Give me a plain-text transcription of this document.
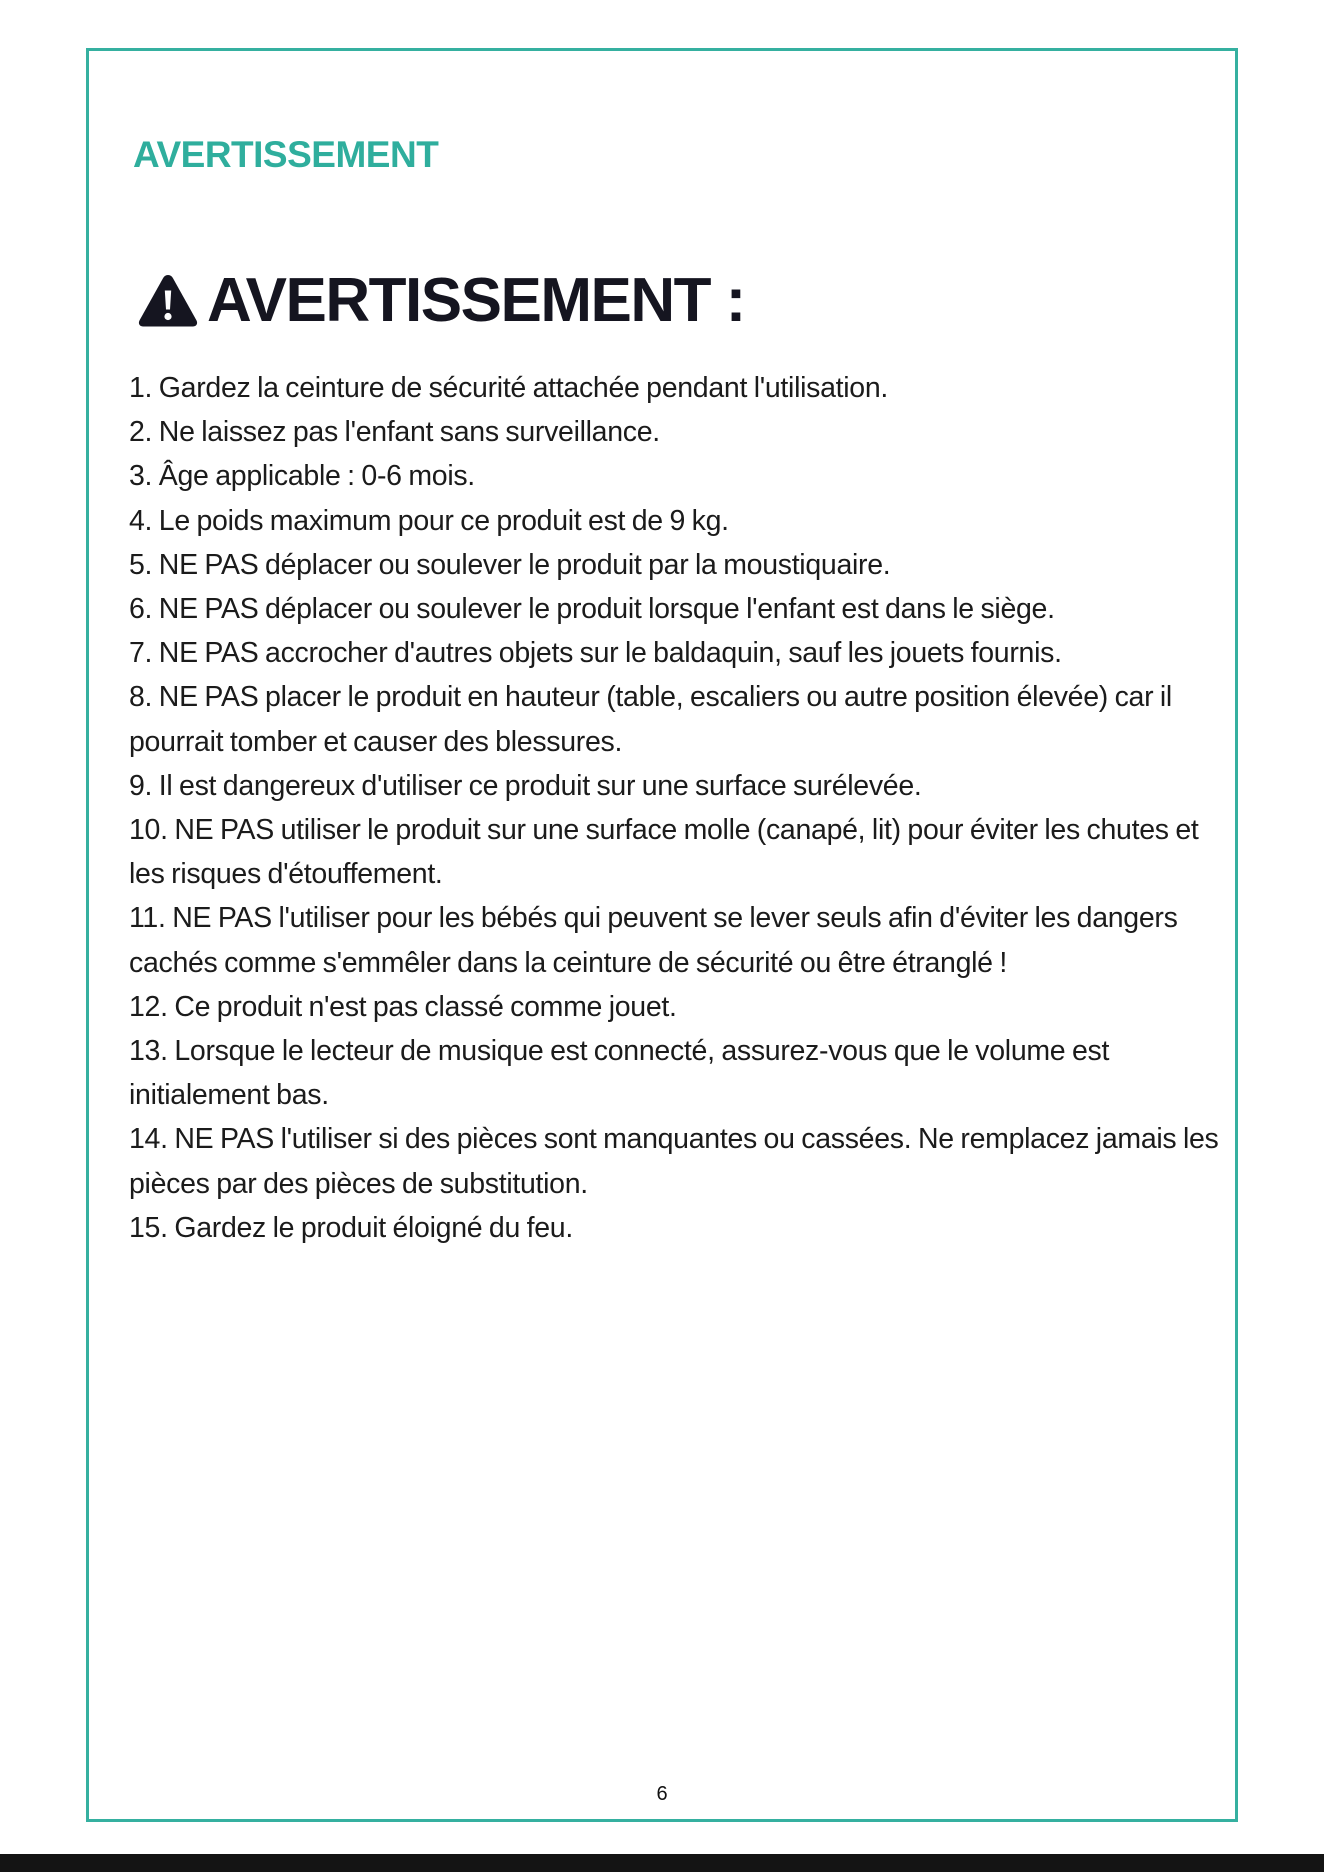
AVERTISSEMENT
AVERTISSEMENT :
1. Gardez la ceinture de sécurité attachée pendant l'utilisation.
2. Ne laissez pas l'enfant sans surveillance.
3. Âge applicable : 0-6 mois.
4. Le poids maximum pour ce produit est de 9 kg.
5. NE PAS déplacer ou soulever le produit par la moustiquaire.
6. NE PAS déplacer ou soulever le produit lorsque l'enfant est dans le siège.
7. NE PAS accrocher d'autres objets sur le baldaquin, sauf les jouets fournis.
8. NE PAS placer le produit en hauteur (table, escaliers ou autre position élevée) car il pourrait tomber et causer des blessures.
9. Il est dangereux d'utiliser ce produit sur une surface surélevée.
10. NE PAS utiliser le produit sur une surface molle (canapé, lit) pour éviter les chutes et les risques d'étouffement.
11. NE PAS l'utiliser pour les bébés qui peuvent se lever seuls afin d'éviter les dangers cachés comme s'emmêler dans la ceinture de sécurité ou être étranglé !
12. Ce produit n'est pas classé comme jouet.
13. Lorsque le lecteur de musique est connecté, assurez-vous que le volume est initialement bas.
14. NE PAS l'utiliser si des pièces sont manquantes ou cassées. Ne remplacez jamais les pièces par des pièces de substitution.
15. Gardez le produit éloigné du feu.
6
